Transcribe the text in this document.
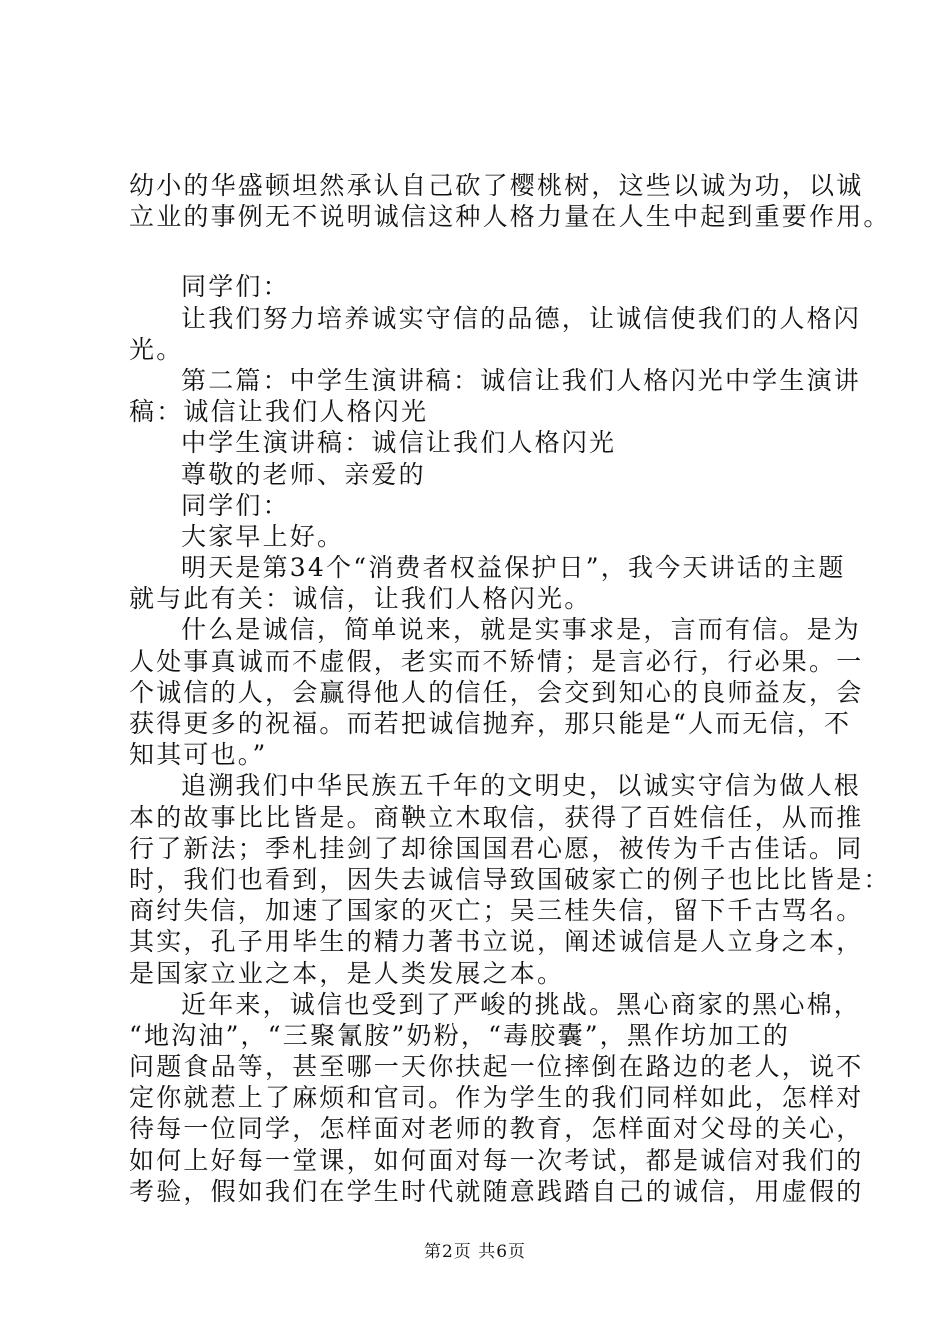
幼小的华盛顿坦然承认自己砍了樱桃树，这些以诚为功，以诚
立业的事例无不说明诚信这种人格力量在人生中起到重要作用。
同学们：
让我们努力培养诚实守信的品德，让诚信使我们的人格闪
光。
第二篇：中学生演讲稿：诚信让我们人格闪光中学生演讲
稿：诚信让我们人格闪光
中学生演讲稿：诚信让我们人格闪光
尊敬的老师、亲爱的
同学们：
大家早上好。
明天是第34个“消费者权益保护日”，我今天讲话的主题
就与此有关：诚信，让我们人格闪光。
什么是诚信，简单说来，就是实事求是，言而有信。是为
人处事真诚而不虚假，老实而不矫情；是言必行，行必果。一
个诚信的人，会赢得他人的信任，会交到知心的良师益友，会
获得更多的祝福。而若把诚信抛弃，那只能是“人而无信，不
知其可也。”
追溯我们中华民族五千年的文明史，以诚实守信为做人根
本的故事比比皆是。商鞅立木取信，获得了百姓信任，从而推
行了新法；季札挂剑了却徐国国君心愿，被传为千古佳话。同
时，我们也看到，因失去诚信导致国破家亡的例子也比比皆是：
商纣失信，加速了国家的灭亡；吴三桂失信，留下千古骂名。
其实，孔子用毕生的精力著书立说，阐述诚信是人立身之本，
是国家立业之本，是人类发展之本。
近年来，诚信也受到了严峻的挑战。黑心商家的黑心棉，
“地沟油”，“三聚氰胺”奶粉，“毒胶囊”，黑作坊加工的
问题食品等，甚至哪一天你扶起一位摔倒在路边的老人，说不
定你就惹上了麻烦和官司。作为学生的我们同样如此，怎样对
待每一位同学，怎样面对老师的教育，怎样面对父母的关心，
如何上好每一堂课，如何面对每一次考试，都是诚信对我们的
考验，假如我们在学生时代就随意践踏自己的诚信，用虚假的
第2页 共6页
